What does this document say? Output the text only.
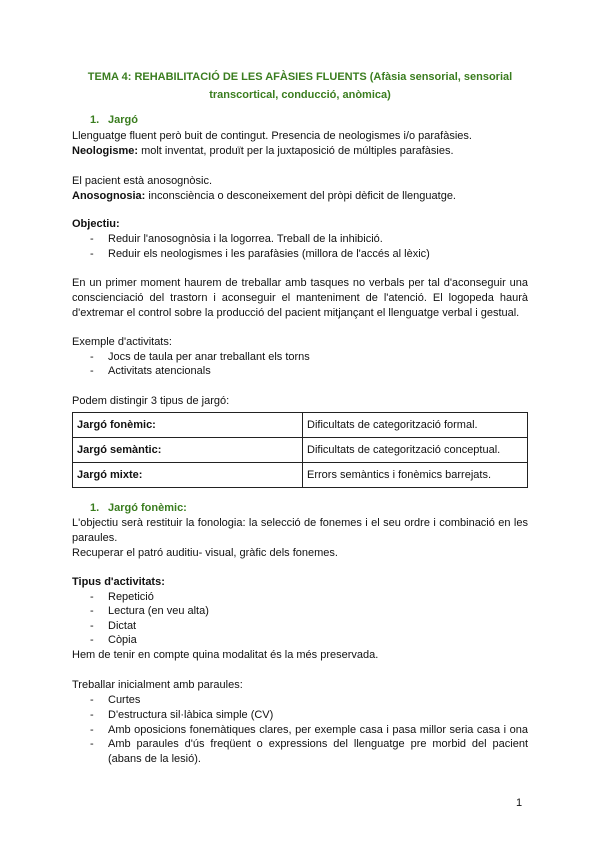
TEMA 4: REHABILITACIÓ DE LES AFÀSIES FLUENTS (Afàsia sensorial, sensorial
transcortical, conducció, anòmica)
1. Jargó
Llenguatge fluent però buit de contingut. Presencia de neologismes i/o parafàsies.
Neologisme: molt inventat, produït per la juxtaposició de múltiples parafàsies.
El pacient està anosognòsic.
Anosognosia: inconsciència o desconeixement del pròpi dèficit de llenguatge.
Objectiu:
- Reduir l'anosognòsia i la logorrea. Treball de la inhibició.
- Reduir els neologismes i les parafàsies (millora de l'accés al lèxic)
En un primer moment haurem de treballar amb tasques no verbals per tal d'aconseguir una
conscienciació del trastorn i aconseguir el manteniment de l'atenció. El logopeda haurà
d'extremar el control sobre la producció del pacient mitjançant el llenguatge verbal i gestual.
Exemple d'activitats:
- Jocs de taula per anar treballant els torns
- Activitats atencionals
Podem distingir 3 tipus de jargó:
Jargó fonèmic:	Dificultats de categorització formal.
Jargó semàntic:	Dificultats de categorització conceptual.
Jargó mixte:	Errors semàntics i fonèmics barrejats.
1. Jargó fonèmic:
L'objectiu serà restituir la fonologia: la selecció de fonemes i el seu ordre i combinació en les
paraules.
Recuperar el patró auditiu- visual, gràfic dels fonemes.
Tipus d'activitats:
- Repetició
- Lectura (en veu alta)
- Dictat
- Còpia
Hem de tenir en compte quina modalitat és la més preservada.
Treballar inicialment amb paraules:
- Curtes
- D'estructura sil·làbica simple (CV)
- Amb oposicions fonemàtiques clares, per exemple casa i pasa millor seria casa i ona
- Amb paraules d'ús freqüent o expressions del llenguatge pre morbid del pacient
(abans de la lesió).
1
